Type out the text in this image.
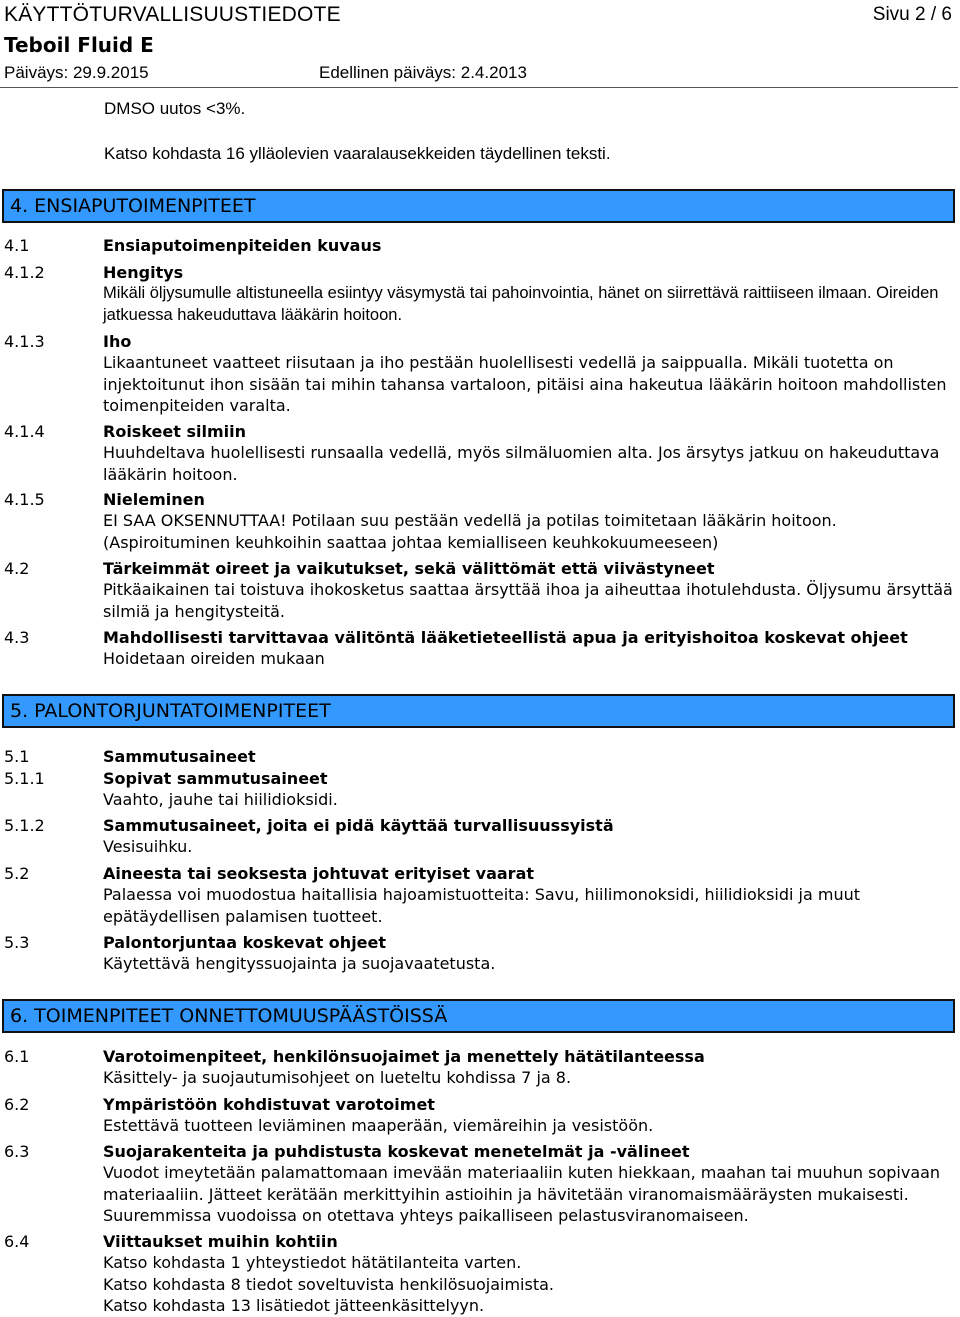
KÄYTTÖTURVALLISUUSTIEDOTE	Sivu 2 / 6
Teboil Fluid E
Päiväys: 29.9.2015	Edellinen päiväys: 2.4.2013
DMSO uutos <3%.
Katso kohdasta 16 ylläolevien vaaralausekkeiden täydellinen teksti.
4. ENSIAPUTOIMENPITEET
4.1	Ensiaputoimenpiteiden kuvaus
4.1.2	Hengitys
Mikäli öljysumulle altistuneella esiintyy väsymystä tai pahoinvointia, hänet on siirrettävä raittiiseen ilmaan. Oireiden jatkuessa hakeuduttava lääkärin hoitoon.
4.1.3	Iho
Likaantuneet vaatteet riisutaan ja iho pestään huolellisesti vedellä ja saippualla. Mikäli tuotetta on injektoitunut ihon sisään tai mihin tahansa vartaloon, pitäisi aina hakeutua lääkärin hoitoon mahdollisten toimenpiteiden varalta.
4.1.4	Roiskeet silmiin
Huuhdeltava huolellisesti runsaalla vedellä, myös silmäluomien alta. Jos ärsytys jatkuu on hakeuduttava lääkärin hoitoon.
4.1.5	Nieleminen
EI SAA OKSENNUTTAA! Potilaan suu pestään vedellä ja potilas toimitetaan lääkärin hoitoon. (Aspiroituminen keuhkoihin saattaa johtaa kemialliseen keuhkokuumeeseen)
4.2	Tärkeimmät oireet ja vaikutukset, sekä välittömät että viivästyneet
Pitkäaikainen tai toistuva ihokosketus saattaa ärsyttää ihoa ja aiheuttaa ihotulehdusta. Öljysumu ärsyttää silmiä ja hengitysteitä.
4.3	Mahdollisesti tarvittavaa välitöntä lääketieteellistä apua ja erityishoitoa koskevat ohjeet
Hoidetaan oireiden mukaan
5. PALONTORJUNTATOIMENPITEET
5.1	Sammutusaineet
5.1.1	Sopivat sammutusaineet
Vaahto, jauhe tai hiilidioksidi.
5.1.2	Sammutusaineet, joita ei pidä käyttää turvallisuussyistä
Vesisuihku.
5.2	Aineesta tai seoksesta johtuvat erityiset vaarat
Palaessa voi muodostua haitallisia hajoamistuotteita: Savu, hiilimonoksidi, hiilidioksidi ja muut epätäydellisen palamisen tuotteet.
5.3	Palontorjuntaa koskevat ohjeet
Käytettävä hengityssuojainta ja suojavaatetusta.
6. TOIMENPITEET ONNETTOMUUSPÄÄSTÖISSÄ
6.1	Varotoimenpiteet, henkilönsuojaimet ja menettely hätätilanteessa
Käsittely- ja suojautumisohjeet on lueteltu kohdissa 7 ja 8.
6.2	Ympäristöön kohdistuvat varotoimet
Estettävä tuotteen leviäminen maaperään, viemäreihin ja vesistöön.
6.3	Suojarakenteita ja puhdistusta koskevat menetelmät ja -välineet
Vuodot imeytetään palamattomaan imevään materiaaliin kuten hiekkaan, maahan tai muuhun sopivaan materiaaliin. Jätteet kerätään merkittyihin astioihin ja hävitetään viranomaismääräysten mukaisesti. Suuremmissa vuodoissa on otettava yhteys paikalliseen pelastusviranomaiseen.
6.4	Viittaukset muihin kohtiin
Katso kohdasta 1 yhteystiedot hätätilanteita varten.
Katso kohdasta 8 tiedot soveltuvista henkilösuojaimista.
Katso kohdasta 13 lisätiedot jätteenkäsittelyyn.
